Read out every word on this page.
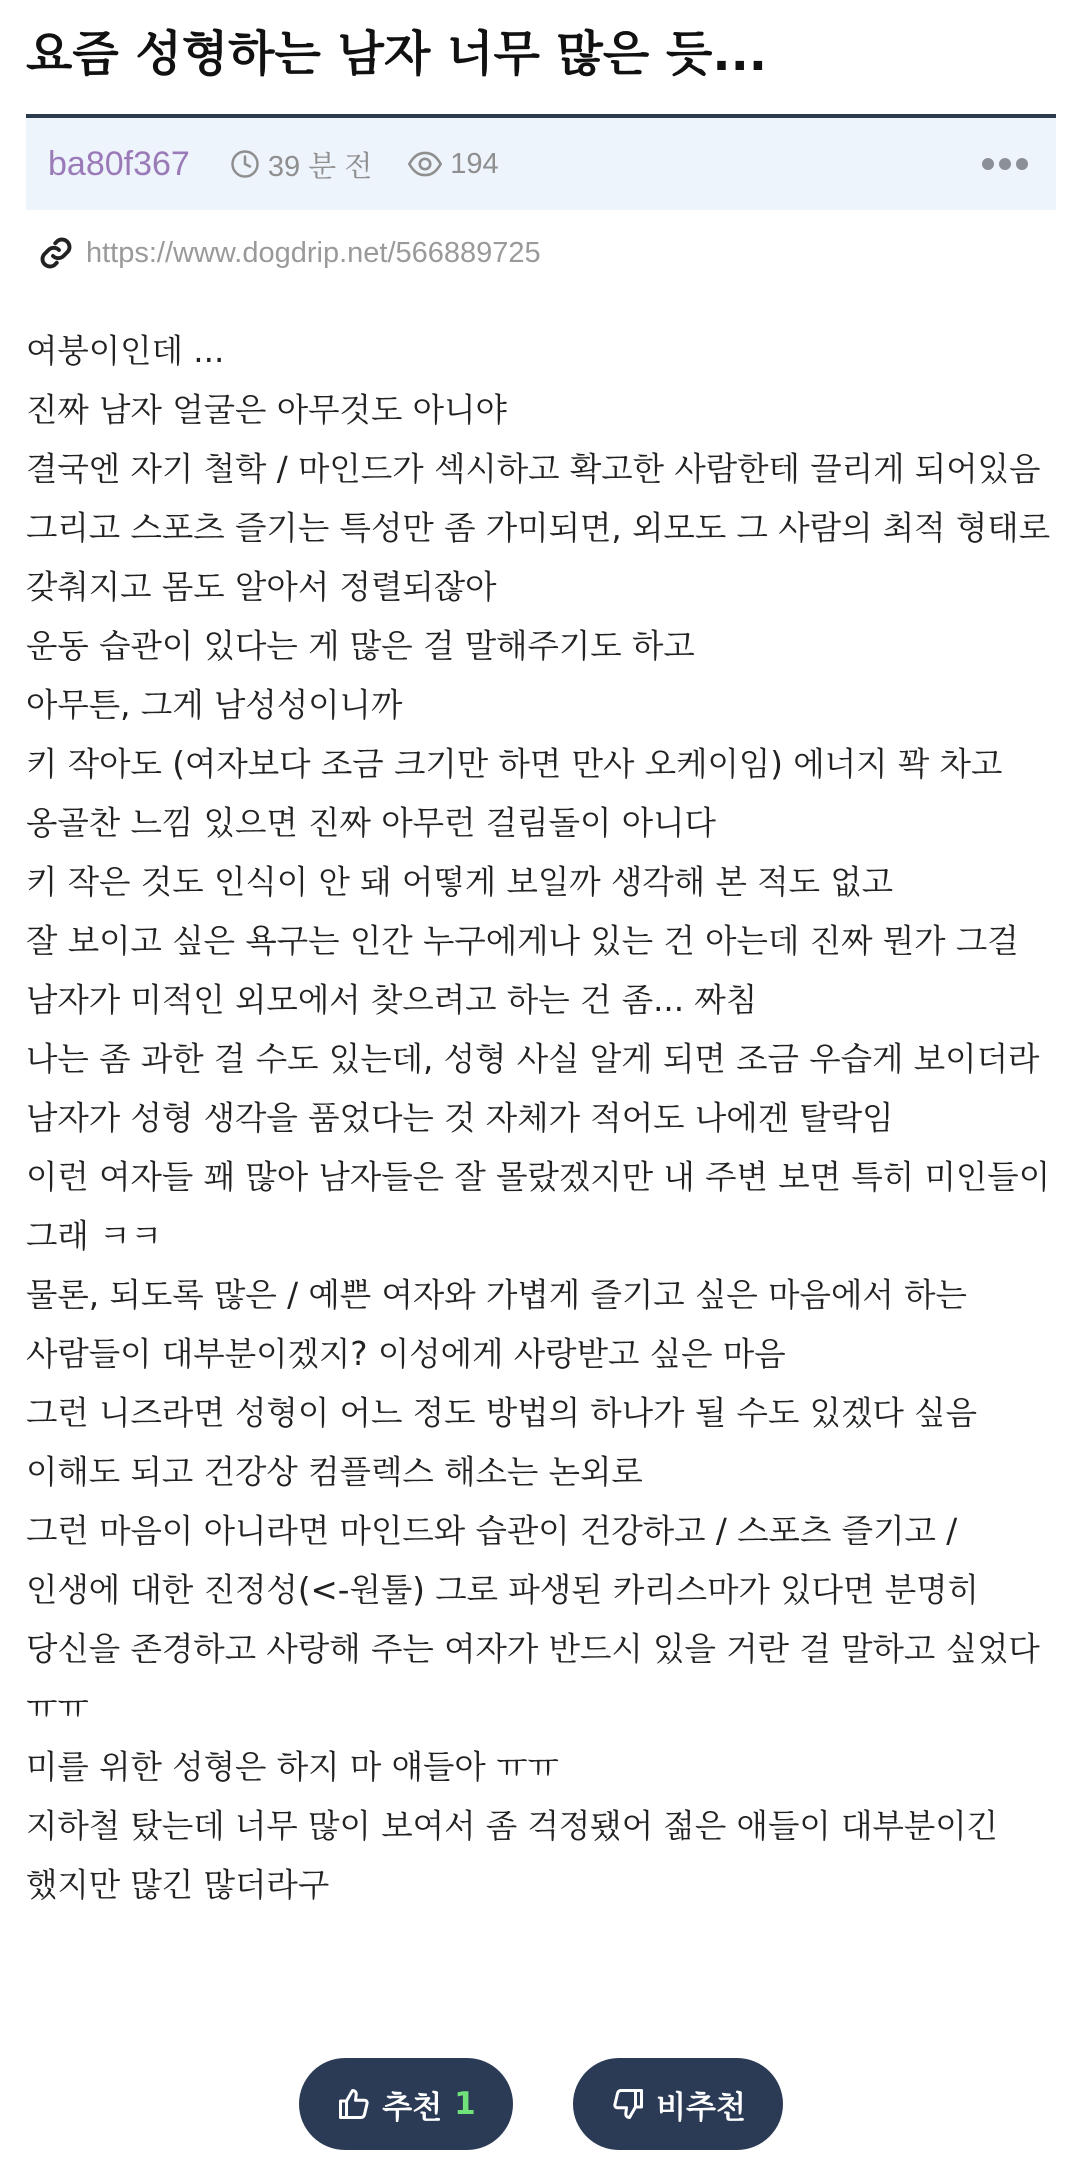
요즘 성형하는 남자 너무 많은 듯...
ba80f367	39 분 전	194
https://www.dogdrip.net/566889725

여붕이인데 ...

진짜 남자 얼굴은 아무것도 아니야

결국엔 자기 철학 / 마인드가 섹시하고 확고한 사람한테 끌리게 되어있음

그리고 스포츠 즐기는 특성만 좀 가미되면, 외모도 그 사람의 최적 형태로 갖춰지고 몸도 알아서 정렬되잖아

운동 습관이 있다는 게 많은 걸 말해주기도 하고

아무튼, 그게 남성성이니까

키 작아도 (여자보다 조금 크기만 하면 만사 오케이임) 에너지 꽉 차고 옹골찬 느낌 있으면 진짜 아무런 걸림돌이 아니다

키 작은 것도 인식이 안 돼 어떻게 보일까 생각해 본 적도 없고

잘 보이고 싶은 욕구는 인간 누구에게나 있는 건 아는데 진짜 뭔가 그걸 남자가 미적인 외모에서 찾으려고 하는 건 좀... 짜침

나는 좀 과한 걸 수도 있는데, 성형 사실 알게 되면 조금 우습게 보이더라 남자가 성형 생각을 품었다는 것 자체가 적어도 나에겐 탈락임

이런 여자들 꽤 많아 남자들은 잘 몰랐겠지만 내 주변 보면 특히 미인들이 그래 ㅋㅋ

물론, 되도록 많은 / 예쁜 여자와 가볍게 즐기고 싶은 마음에서 하는 사람들이 대부분이겠지? 이성에게 사랑받고 싶은 마음

그런 니즈라면 성형이 어느 정도 방법의 하나가 될 수도 있겠다 싶음 이해도 되고 건강상 컴플렉스 해소는 논외로

그런 마음이 아니라면 마인드와 습관이 건강하고 / 스포츠 즐기고 / 인생에 대한 진정성(<-원툴) 그로 파생된 카리스마가 있다면 분명히 당신을 존경하고 사랑해 주는 여자가 반드시 있을 거란 걸 말하고 싶었다 ㅠㅠ

미를 위한 성형은 하지 마 얘들아 ㅠㅠ

지하철 탔는데 너무 많이 보여서 좀 걱정됐어 젊은 애들이 대부분이긴 했지만 많긴 많더라구

추천 1	비추천
